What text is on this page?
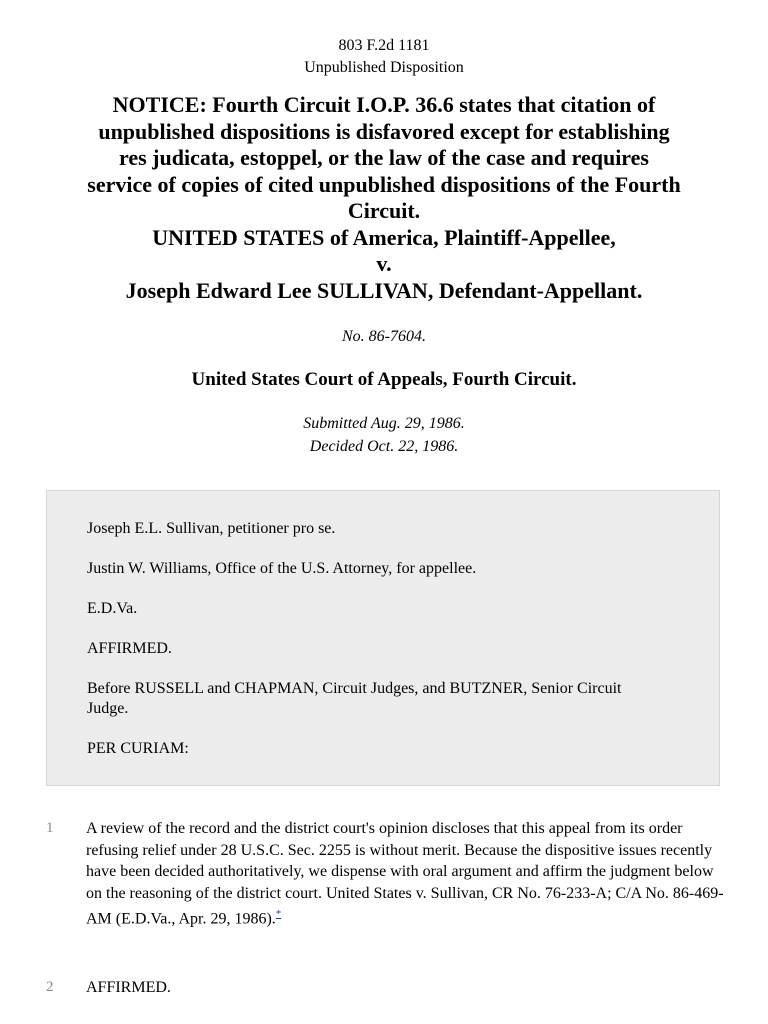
803 F.2d 1181
Unpublished Disposition
NOTICE: Fourth Circuit I.O.P. 36.6 states that citation of
unpublished dispositions is disfavored except for establishing
res judicata, estoppel, or the law of the case and requires
service of copies of cited unpublished dispositions of the Fourth
Circuit.
UNITED STATES of America, Plaintiff-Appellee,
v.
Joseph Edward Lee SULLIVAN, Defendant-Appellant.
No. 86-7604.
United States Court of Appeals, Fourth Circuit.
Submitted Aug. 29, 1986.
Decided Oct. 22, 1986.

Joseph E.L. Sullivan, petitioner pro se.

Justin W. Williams, Office of the U.S. Attorney, for appellee.

E.D.Va.

AFFIRMED.

Before RUSSELL and CHAPMAN, Circuit Judges, and BUTZNER, Senior Circuit Judge.

PER CURIAM:

1	A review of the record and the district court's opinion discloses that this appeal from its order refusing relief under 28 U.S.C. Sec. 2255 is without merit. Because the dispositive issues recently have been decided authoritatively, we dispense with oral argument and affirm the judgment below on the reasoning of the district court. United States v. Sullivan, CR No. 76-233-A; C/A No. 86-469-AM (E.D.Va., Apr. 29, 1986).*
2	AFFIRMED.
